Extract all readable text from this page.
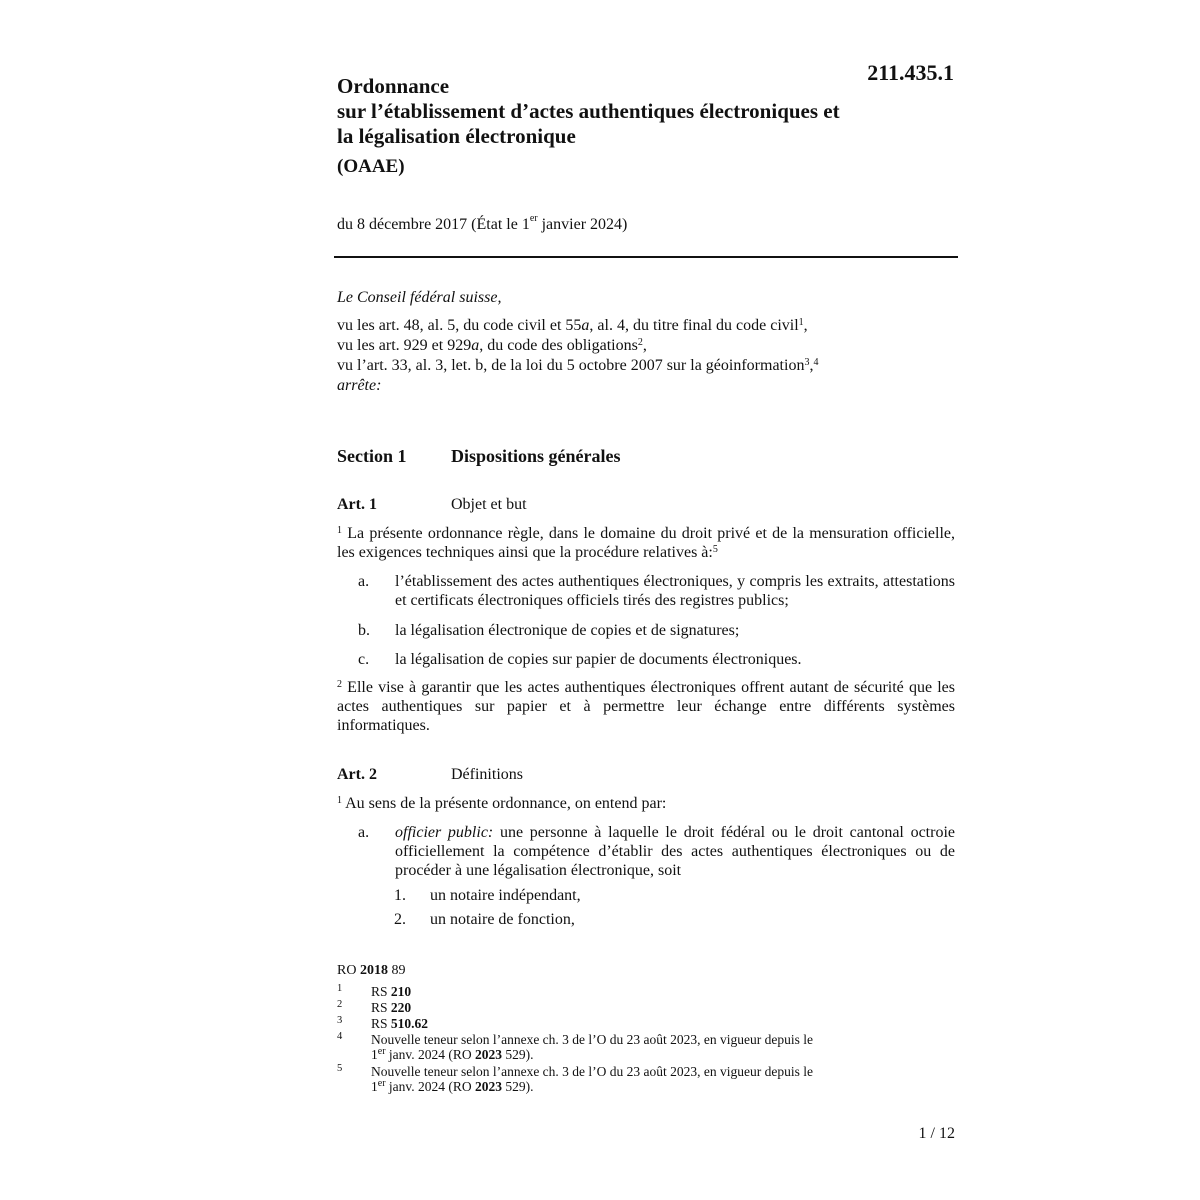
211.435.1
Ordonnance
sur l’établissement d’actes authentiques électroniques et
la légalisation électronique
(OAAE)
du 8 décembre 2017 (État le 1er janvier 2024)
Le Conseil fédéral suisse,
vu les art. 48, al. 5, du code civil et 55a, al. 4, du titre final du code civil$^1$,
vu les art. 929 et 929a, du code des obligations$^2$,
vu l’art. 33, al. 3, let. b, de la loi du 5 octobre 2007 sur la géoinformation$^3$,$^4$
arrête:
Section 1 Dispositions générales
Art. 1	Objet et but
$^1$ La présente ordonnance règle, dans le domaine du droit privé et de la mensuration officielle, les exigences techniques ainsi que la procédure relatives à:$^5$
a. l’établissement des actes authentiques électroniques, y compris les extraits, attestations et certificats électroniques officiels tirés des registres publics;
b. la légalisation électronique de copies et de signatures;
c. la légalisation de copies sur papier de documents électroniques.
$^2$ Elle vise à garantir que les actes authentiques électroniques offrent autant de sécurité que les actes authentiques sur papier et à permettre leur échange entre différents systèmes informatiques.
Art. 2	Définitions
$^1$ Au sens de la présente ordonnance, on entend par:
a. officier public: une personne à laquelle le droit fédéral ou le droit cantonal octroie officiellement la compétence d’établir des actes authentiques électroniques ou de procéder à une légalisation électronique, soit
1. un notaire indépendant,
2. un notaire de fonction,
RO 2018 89
1 RS 210
2 RS 220
3 RS 510.62
4 Nouvelle teneur selon l’annexe ch. 3 de l’O du 23 août 2023, en vigueur depuis le
1er janv. 2024 (RO 2023 529).
5 Nouvelle teneur selon l’annexe ch. 3 de l’O du 23 août 2023, en vigueur depuis le
1er janv. 2024 (RO 2023 529).
1 / 12
